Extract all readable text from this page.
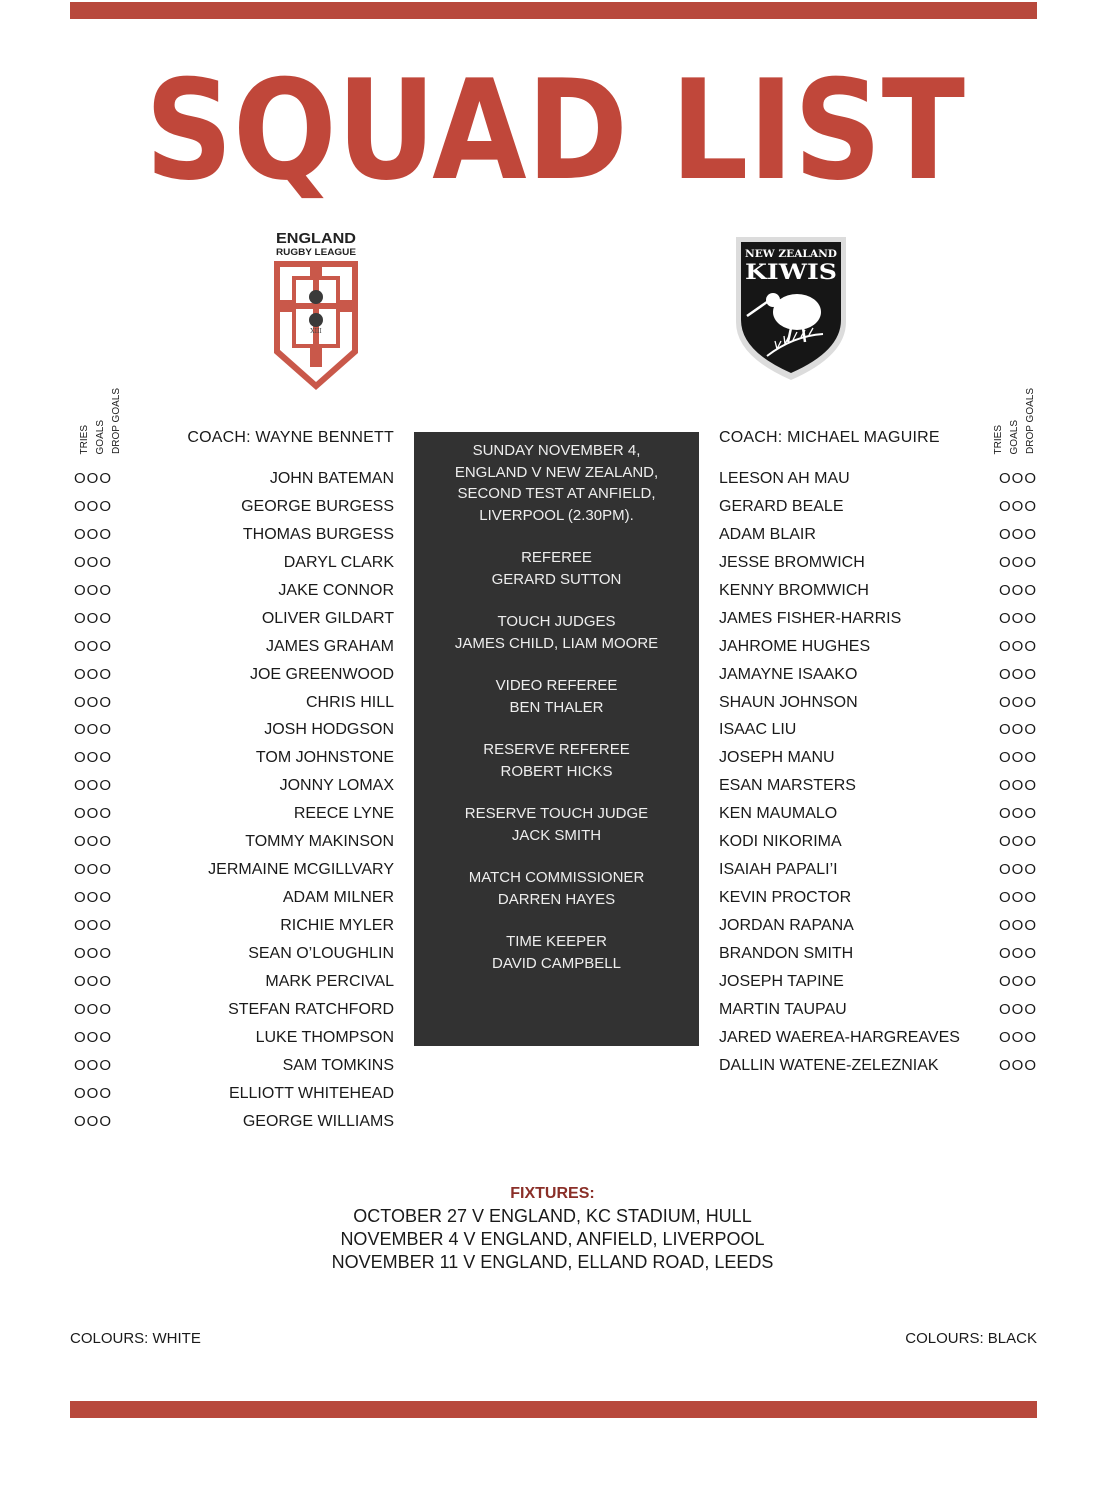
SQUAD LIST
ENGLAND
RUGBY LEAGUE
XIII
NEW ZEALAND
KIWIS
TRIES GOALS DROP GOALS	TRIES GOALS DROP GOALS
COACH: WAYNE BENNETT	COACH: MICHAEL MAGUIRE
OOO	JOHN BATEMAN
OOO	GEORGE BURGESS
OOO	THOMAS BURGESS
OOO	DARYL CLARK
OOO	JAKE CONNOR
OOO	OLIVER GILDART
OOO	JAMES GRAHAM
OOO	JOE GREENWOOD
OOO	CHRIS HILL
OOO	JOSH HODGSON
OOO	TOM JOHNSTONE
OOO	JONNY LOMAX
OOO	REECE LYNE
OOO	TOMMY MAKINSON
OOO	JERMAINE MCGILLVARY
OOO	ADAM MILNER
OOO	RICHIE MYLER
OOO	SEAN O’LOUGHLIN
OOO	MARK PERCIVAL
OOO	STEFAN RATCHFORD
OOO	LUKE THOMPSON
OOO	SAM TOMKINS
OOO	ELLIOTT WHITEHEAD
OOO	GEORGE WILLIAMS
LEESON AH MAU	OOO
GERARD BEALE	OOO
ADAM BLAIR	OOO
JESSE BROMWICH	OOO
KENNY BROMWICH	OOO
JAMES FISHER-HARRIS	OOO
JAHROME HUGHES	OOO
JAMAYNE ISAAKO	OOO
SHAUN JOHNSON	OOO
ISAAC LIU	OOO
JOSEPH MANU	OOO
ESAN MARSTERS	OOO
KEN MAUMALO	OOO
KODI NIKORIMA	OOO
ISAIAH PAPALI’I	OOO
KEVIN PROCTOR	OOO
JORDAN RAPANA	OOO
BRANDON SMITH	OOO
JOSEPH TAPINE	OOO
MARTIN TAUPAU	OOO
JARED WAEREA-HARGREAVES	OOO
DALLIN WATENE-ZELEZNIAK	OOO
SUNDAY NOVEMBER 4,
ENGLAND V NEW ZEALAND,
SECOND TEST AT ANFIELD,
LIVERPOOL (2.30PM).
REFEREE
GERARD SUTTON
TOUCH JUDGES
JAMES CHILD, LIAM MOORE
VIDEO REFEREE
BEN THALER
RESERVE REFEREE
ROBERT HICKS
RESERVE TOUCH JUDGE
JACK SMITH
MATCH COMMISSIONER
DARREN HAYES
TIME KEEPER
DAVID CAMPBELL
FIXTURES:
OCTOBER 27 V ENGLAND, KC STADIUM, HULL
NOVEMBER 4 V ENGLAND, ANFIELD, LIVERPOOL
NOVEMBER 11 V ENGLAND, ELLAND ROAD, LEEDS
COLOURS: WHITE	COLOURS: BLACK
